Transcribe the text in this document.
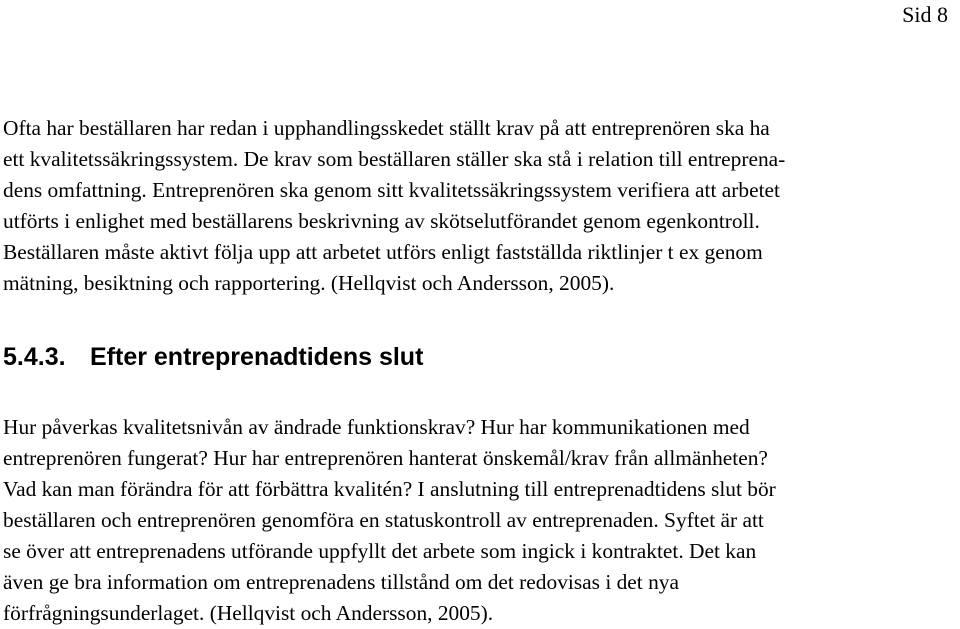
Sid 8

Ofta har beställaren har redan i upphandlingsskedet ställt krav på att entreprenören ska ha
ett kvalitetssäkringssystem. De krav som beställaren ställer ska stå i relation till entreprena-
dens omfattning. Entreprenören ska genom sitt kvalitetssäkringssystem verifiera att arbetet
utförts i enlighet med beställarens beskrivning av skötselutförandet genom egenkontroll.
Beställaren måste aktivt följa upp att arbetet utförs enligt fastställda riktlinjer t ex genom
mätning, besiktning och rapportering. (Hellqvist och Andersson, 2005).

5.4.3. Efter entreprenadtidens slut

Hur påverkas kvalitetsnivån av ändrade funktionskrav? Hur har kommunikationen med
entreprenören fungerat? Hur har entreprenören hanterat önskemål/krav från allmänheten?
Vad kan man förändra för att förbättra kvalitén? I anslutning till entreprenadtidens slut bör
beställaren och entreprenören genomföra en statuskontroll av entreprenaden. Syftet är att
se över att entreprenadens utförande uppfyllt det arbete som ingick i kontraktet. Det kan
även ge bra information om entreprenadens tillstånd om det redovisas i det nya
förfrågningsunderlaget. (Hellqvist och Andersson, 2005).
